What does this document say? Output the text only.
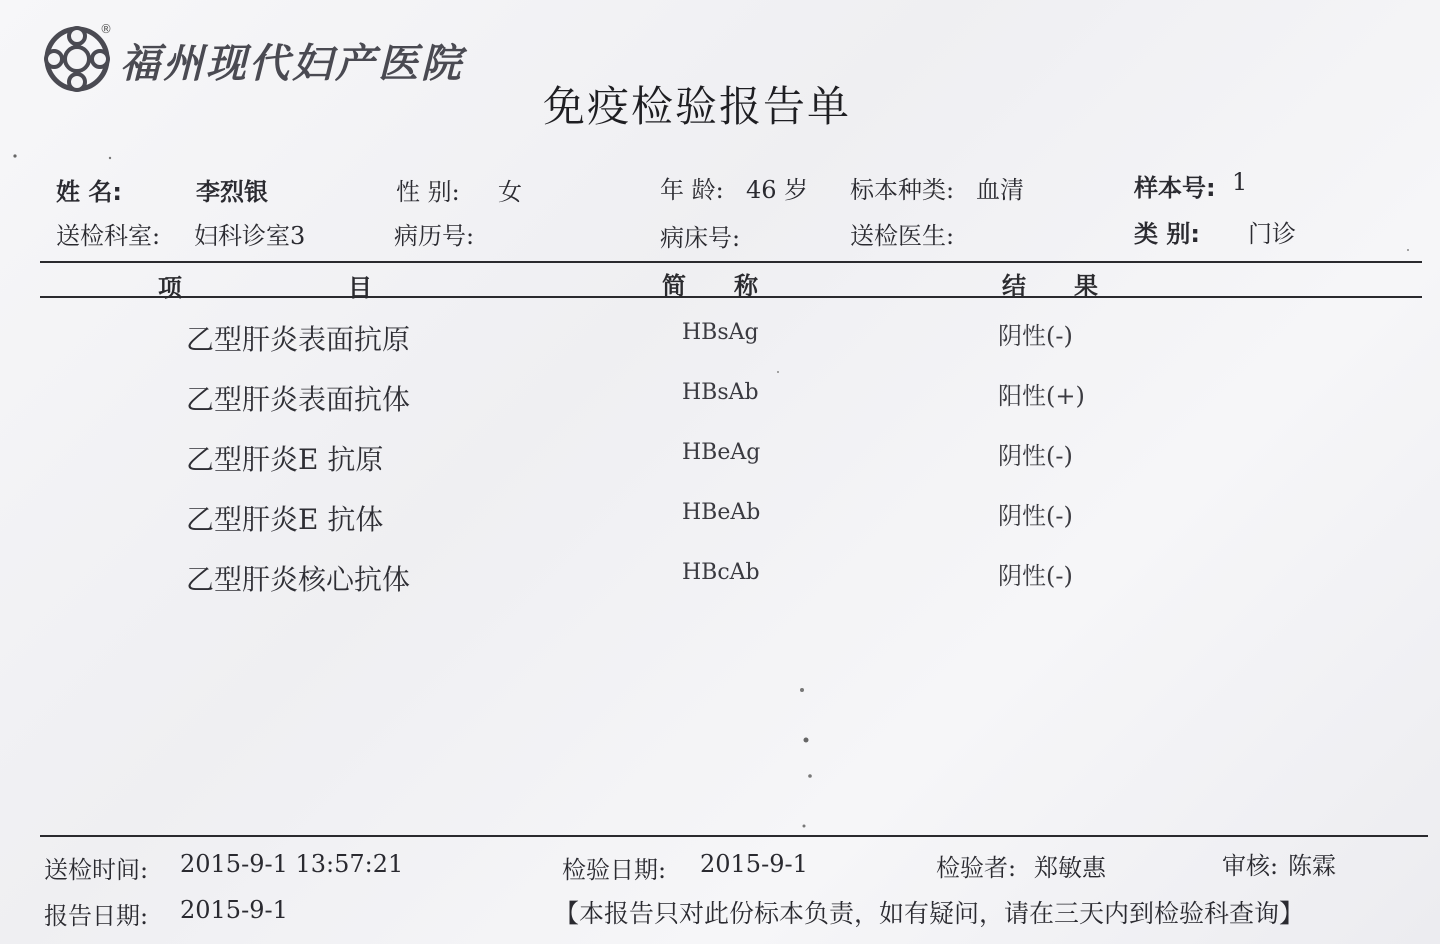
®
福州现代妇产医院
免疫检验报告单
姓 名:	李烈银	性 别: 女	年 龄: 46 岁 标本种类: 血清	样本号: 1
送检科室: 妇科诊室3	病历号:	病床号:	送检医生:	类 别: 门诊
项	目	简 称	结 果
乙型肝炎表面抗原	HBsAg	阴性(-)
乙型肝炎表面抗体	HBsAb	阳性(+)
乙型肝炎E 抗原	HBeAg	阴性(-)
乙型肝炎E 抗体	HBeAb	阴性(-)
乙型肝炎核心抗体	HBcAb	阴性(-)
送检时间: 2015-9-1 13:57:21	检验日期: 2015-9-1	检验者: 郑敏惠	审核: 陈霖
报告日期: 2015-9-1	【本报告只对此份标本负责，如有疑问，请在三天内到检验科查询】
